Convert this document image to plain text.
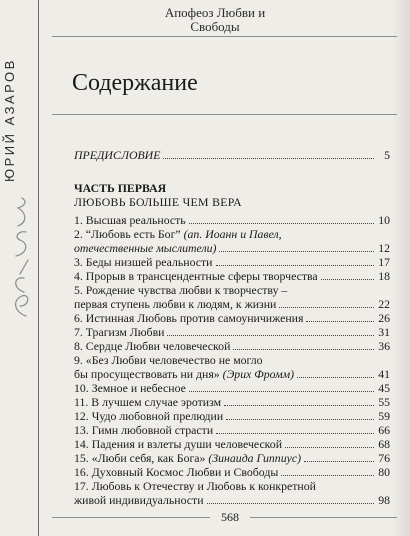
ЮРИЙ АЗАРОВ
Апофеоз Любви и Свободы
Содержание
ПРЕДИСЛОВИЕ	5
ЧАСТЬ ПЕРВАЯ
ЛЮБОВЬ БОЛЬШЕ ЧЕМ ВЕРА
1. Высшая реальность	10
2. “Любовь есть Бог” (ап. Иоанн и Павел,
отечественные мыслители)	12
3. Беды низшей реальности	17
4. Прорыв в трансцендентные сферы творчества	18
5. Рождение чувства любви к творчеству –
первая ступень любви к людям, к жизни	22
6. Истинная Любовь против самоуничижения	26
7. Трагизм Любви	31
8. Сердце Любви человеческой	36
9. «Без Любви человечество не могло
бы просуществовать ни дня» (Эрих Фромм)	41
10. Земное и небесное	45
11. В лучшем случае эротизм	55
12. Чудо любовной прелюдии	59
13. Гимн любовной страсти	66
14. Падения и взлеты души человеческой	68
15. «Люби себя, как Бога» (Зинаида Гиппиус)	76
16. Духовный Космос Любви и Свободы	80
17. Любовь к Отечеству и Любовь к конкретной
живой индивидуальности	98
568
